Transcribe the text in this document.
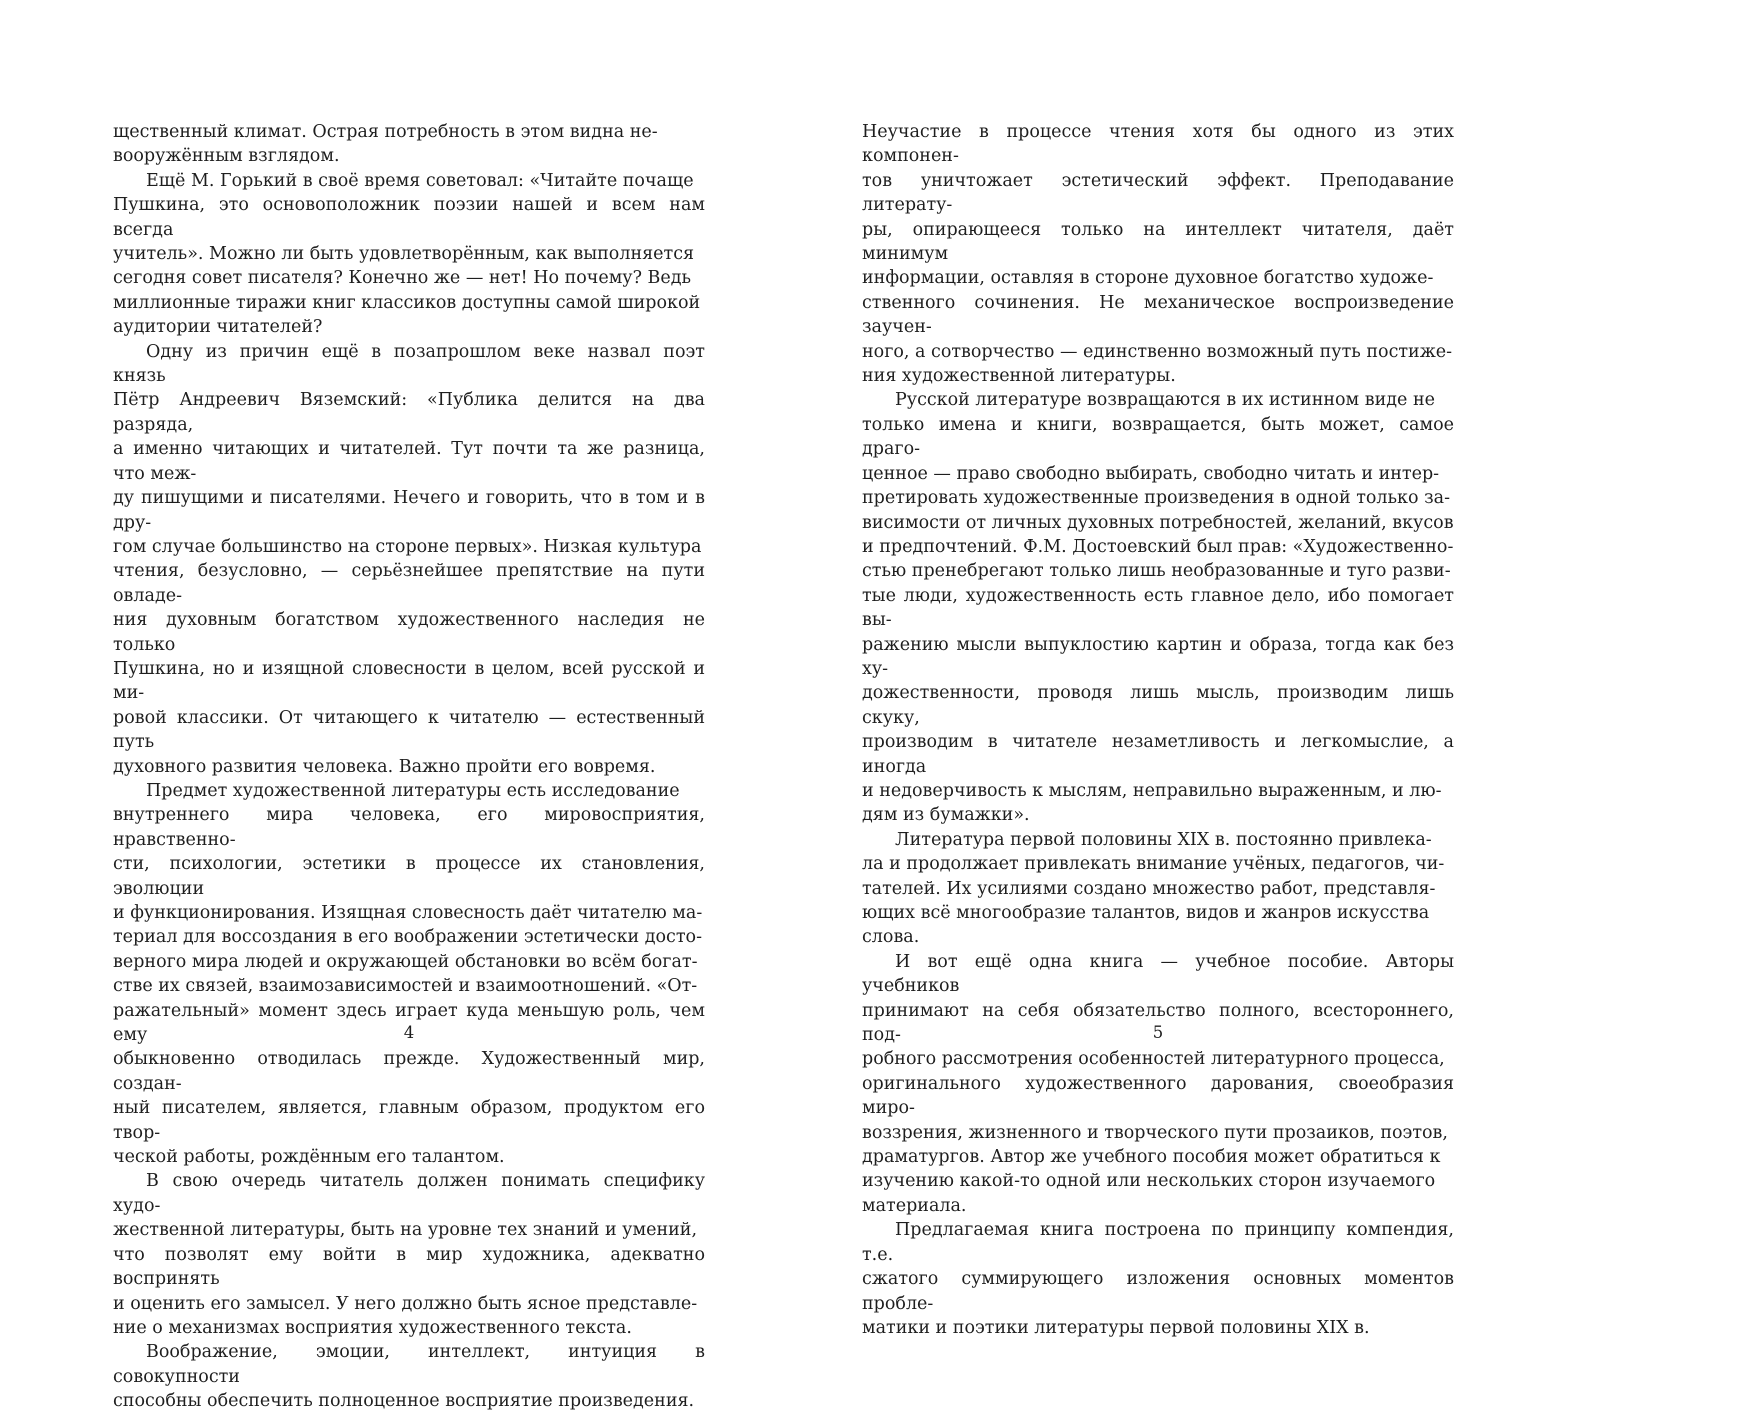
щественный климат. Острая потребность в этом видна не-
вооружённым взглядом.

Ещё М. Горький в своё время советовал: «Читайте почаще
Пушкина, это основоположник поэзии нашей и всем нам всегда
учитель». Можно ли быть удовлетворённым, как выполняется
сегодня совет писателя? Конечно же — нет! Но почему? Ведь
миллионные тиражи книг классиков доступны самой широкой
аудитории читателей?

Одну из причин ещё в позапрошлом веке назвал поэт князь
Пётр Андреевич Вяземский: «Публика делится на два разряда,
а именно читающих и читателей. Тут почти та же разница, что меж-
ду пишущими и писателями. Нечего и говорить, что в том и в дру-
гом случае большинство на стороне первых». Низкая культура
чтения, безусловно, — серьёзнейшее препятствие на пути овладе-
ния духовным богатством художественного наследия не только
Пушкина, но и изящной словесности в целом, всей русской и ми-
ровой классики. От читающего к читателю — естественный путь
духовного развития человека. Важно пройти его вовремя.

Предмет художественной литературы есть исследование
внутреннего мира человека, его мировосприятия, нравственно-
сти, психологии, эстетики в процессе их становления, эволюции
и функционирования. Изящная словесность даёт читателю ма-
териал для воссоздания в его воображении эстетически досто-
верного мира людей и окружающей обстановки во всём богат-
стве их связей, взаимозависимостей и взаимоотношений. «От-
ражательный» момент здесь играет куда меньшую роль, чем ему
обыкновенно отводилась прежде. Художественный мир, создан-
ный писателем, является, главным образом, продуктом его твор-
ческой работы, рождённым его талантом.

В свою очередь читатель должен понимать специфику худо-
жественной литературы, быть на уровне тех знаний и умений,
что позволят ему войти в мир художника, адекватно воспринять
и оценить его замысел. У него должно быть ясное представле-
ние о механизмах восприятия художественного текста.

Воображение, эмоции, интеллект, интуиция в совокупности
способны обеспечить полноценное восприятие произведения.

4

Неучастие в процессе чтения хотя бы одного из этих компонен-
тов уничтожает эстетический эффект. Преподавание литерату-
ры, опирающееся только на интеллект читателя, даёт минимум
информации, оставляя в стороне духовное богатство художе-
ственного сочинения. Не механическое воспроизведение заучен-
ного, а сотворчество — единственно возможный путь постиже-
ния художественной литературы.

Русской литературе возвращаются в их истинном виде не
только имена и книги, возвращается, быть может, самое драго-
ценное — право свободно выбирать, свободно читать и интер-
претировать художественные произведения в одной только за-
висимости от личных духовных потребностей, желаний, вкусов
и предпочтений. Ф.М. Достоевский был прав: «Художественно-
стью пренебрегают только лишь необразованные и туго разви-
тые люди, художественность есть главное дело, ибо помогает вы-
ражению мысли выпуклостию картин и образа, тогда как без ху-
дожественности, проводя лишь мысль, производим лишь скуку,
производим в читателе незаметливость и легкомыслие, а иногда
и недоверчивость к мыслям, неправильно выраженным, и лю-
дям из бумажки».

Литература первой половины XIX в. постоянно привлека-
ла и продолжает привлекать внимание учёных, педагогов, чи-
тателей. Их усилиями создано множество работ, представля-
ющих всё многообразие талантов, видов и жанров искусства
слова.

И вот ещё одна книга — учебное пособие. Авторы учебников
принимают на себя обязательство полного, всестороннего, под-
робного рассмотрения особенностей литературного процесса,
оригинального художественного дарования, своеобразия миро-
воззрения, жизненного и творческого пути прозаиков, поэтов,
драматургов. Автор же учебного пособия может обратиться к
изучению какой-то одной или нескольких сторон изучаемого
материала.

Предлагаемая книга построена по принципу компендия, т.е.
сжатого суммирующего изложения основных моментов пробле-
матики и поэтики литературы первой половины XIX в.

5
